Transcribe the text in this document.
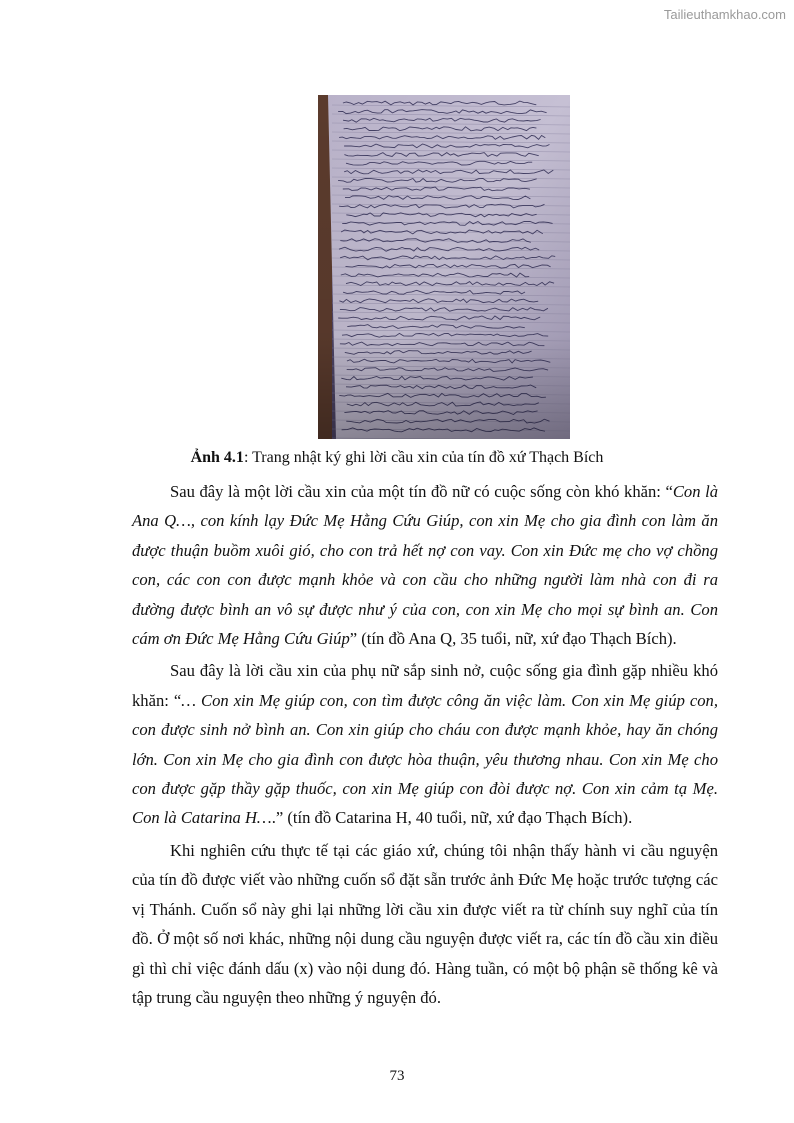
Tailieuthamkhao.com
Ảnh 4.1: Trang nhật ký ghi lời cầu xin của tín đồ xứ Thạch Bích

Sau đây là một lời cầu xin của một tín đồ nữ có cuộc sống còn khó khăn: “Con là Ana Q…, con kính lạy Đức Mẹ Hằng Cứu Giúp, con xin Mẹ cho gia đình con làm ăn được thuận buồm xuôi gió, cho con trả hết nợ con vay. Con xin Đức mẹ cho vợ chồng con, các con con được mạnh khỏe và con cầu cho những người làm nhà con đi ra đường được bình an vô sự được như ý của con, con xin Mẹ cho mọi sự bình an. Con cám ơn Đức Mẹ Hằng Cứu Giúp” (tín đồ Ana Q, 35 tuổi, nữ, xứ đạo Thạch Bích).

Sau đây là lời cầu xin của phụ nữ sắp sinh nở, cuộc sống gia đình gặp nhiều khó khăn: “… Con xin Mẹ giúp con, con tìm được công ăn việc làm. Con xin Mẹ giúp con, con được sinh nở bình an. Con xin giúp cho cháu con được mạnh khỏe, hay ăn chóng lớn. Con xin Mẹ cho gia đình con được hòa thuận, yêu thương nhau. Con xin Mẹ cho con được gặp thầy gặp thuốc, con xin Mẹ giúp con đòi được nợ. Con xin cảm tạ Mẹ. Con là Catarina H….” (tín đồ Catarina H, 40 tuổi, nữ, xứ đạo Thạch Bích).

Khi nghiên cứu thực tế tại các giáo xứ, chúng tôi nhận thấy hành vi cầu nguyện của tín đồ được viết vào những cuốn sổ đặt sẵn trước ảnh Đức Mẹ hoặc trước tượng các vị Thánh. Cuốn sổ này ghi lại những lời cầu xin được viết ra từ chính suy nghĩ của tín đồ. Ở một số nơi khác, những nội dung cầu nguyện được viết ra, các tín đồ cầu xin điều gì thì chỉ việc đánh dấu (x) vào nội dung đó. Hàng tuần, có một bộ phận sẽ thống kê và tập trung cầu nguyện theo những ý nguyện đó.

73
